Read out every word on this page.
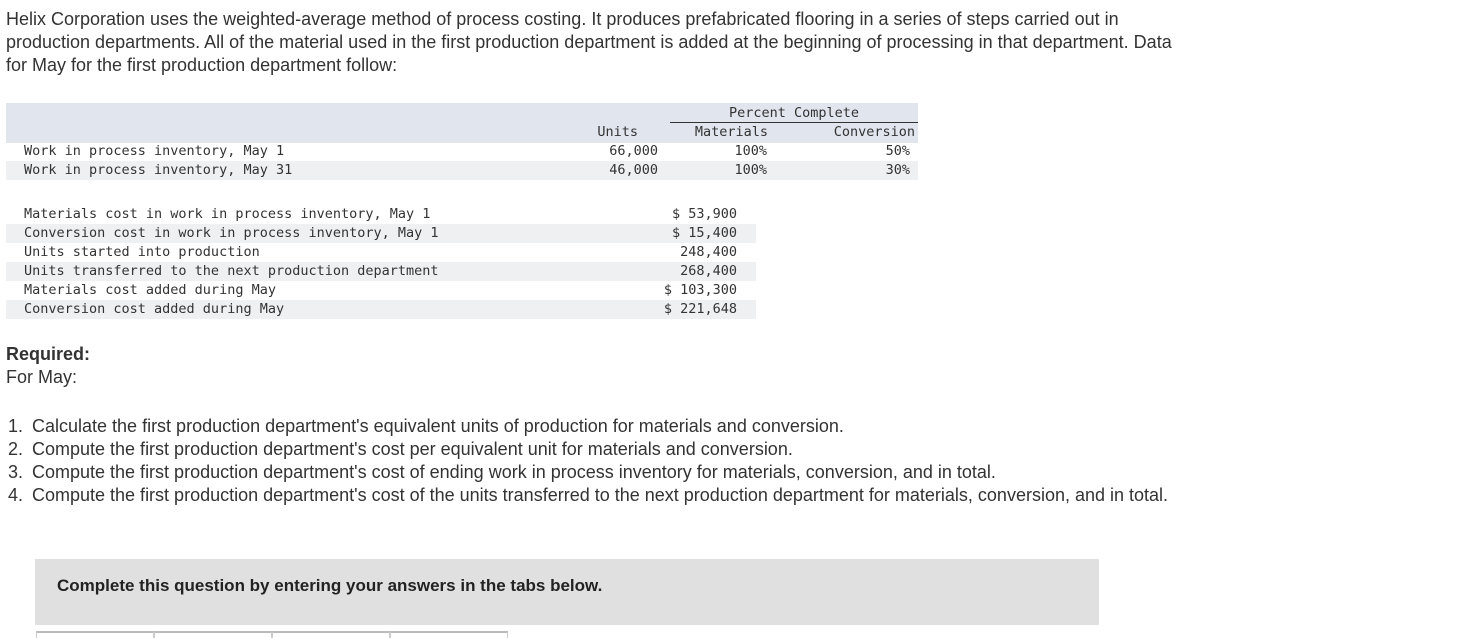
Helix Corporation uses the weighted-average method of process costing. It produces prefabricated flooring in a series of steps carried out in production departments. All of the material used in the first production department is added at the beginning of processing in that department. Data for May for the first production department follow:
Percent Complete
Units	Materials	Conversion
Work in process inventory, May 1	66,000	100%	50%
Work in process inventory, May 31	46,000	100%	30%
Materials cost in work in process inventory, May 1	$ 53,900
Conversion cost in work in process inventory, May 1	$ 15,400
Units started into production	248,400
Units transferred to the next production department	268,400
Materials cost added during May	$ 103,300
Conversion cost added during May	$ 221,648
Required:
For May:
1. Calculate the first production department's equivalent units of production for materials and conversion.
2. Compute the first production department's cost per equivalent unit for materials and conversion.
3. Compute the first production department's cost of ending work in process inventory for materials, conversion, and in total.
4. Compute the first production department's cost of the units transferred to the next production department for materials, conversion, and in total.
Complete this question by entering your answers in the tabs below.
